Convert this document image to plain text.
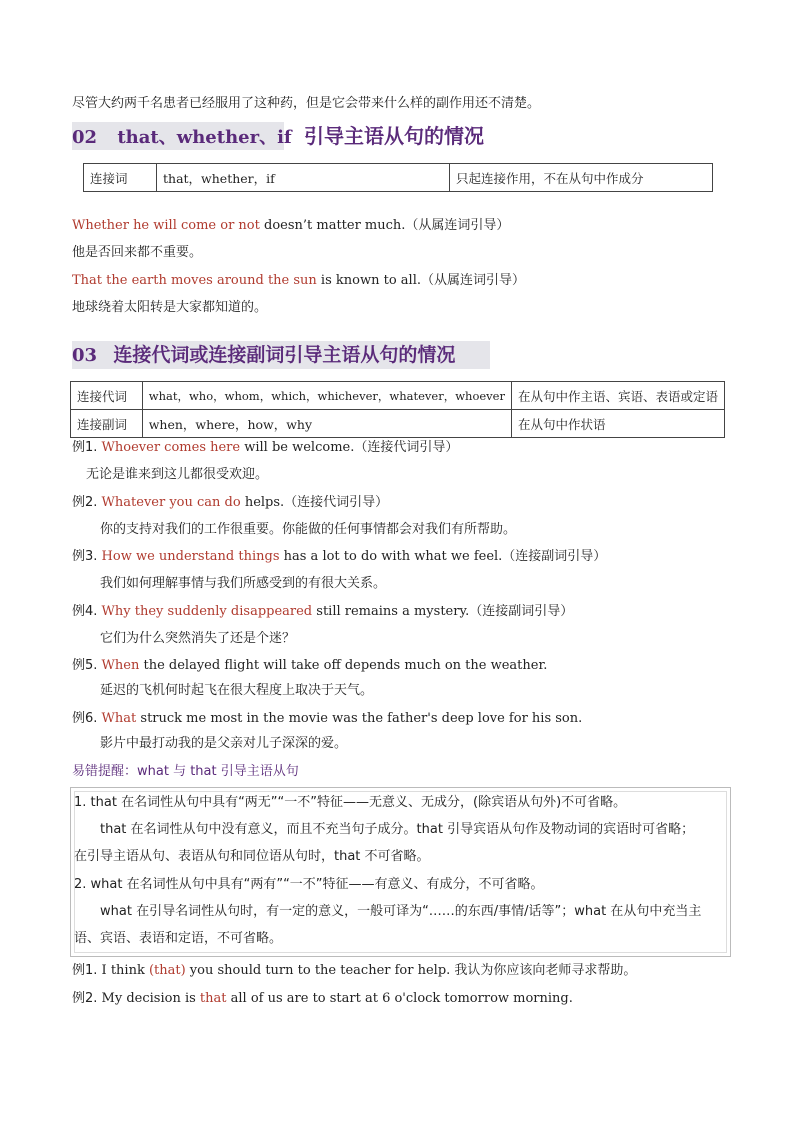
尽管大约两千名患者已经服用了这种药，但是它会带来什么样的副作用还不清楚。
02 that、whether、if 引导主语从句的情况
连接词	that，whether，if	只起连接作用，不在从句中作成分
Whether he will come or not doesn’t matter much.（从属连词引导）
他是否回来都不重要。
That the earth moves around the sun is known to all.（从属连词引导）
地球绕着太阳转是大家都知道的。
03 连接代词或连接副词引导主语从句的情况
连接代词	what，who，whom，which，whichever，whatever，whoever	在从句中作主语、宾语、表语或定语
连接副词	when，where，how，why	在从句中作状语
例1. Whoever comes here will be welcome.（连接代词引导）
无论是谁来到这儿都很受欢迎。
例2. Whatever you can do helps.（连接代词引导）
你的支持对我们的工作很重要。你能做的任何事情都会对我们有所帮助。
例3. How we understand things has a lot to do with what we feel.（连接副词引导）
我们如何理解事情与我们所感受到的有很大关系。
例4. Why they suddenly disappeared still remains a mystery.（连接副词引导）
它们为什么突然消失了还是个迷？
例5. When the delayed flight will take off depends much on the weather.
延迟的飞机何时起飞在很大程度上取决于天气。
例6. What struck me most in the movie was the father's deep love for his son.
影片中最打动我的是父亲对儿子深深的爱。
易错提醒：what 与 that 引导主语从句
1. that 在名词性从句中具有“两无”“一不”特征——无意义、无成分，(除宾语从句外)不可省略。
that 在名词性从句中没有意义，而且不充当句子成分。that 引导宾语从句作及物动词的宾语时可省略；
在引导主语从句、表语从句和同位语从句时，that 不可省略。
2. what 在名词性从句中具有“两有”“一不”特征——有意义、有成分，不可省略。
what 在引导名词性从句时，有一定的意义，一般可译为“……的东西/事情/话等”；what 在从句中充当主
语、宾语、表语和定语，不可省略。
例1. I think (that) you should turn to the teacher for help. 我认为你应该向老师寻求帮助。
例2. My decision is that all of us are to start at 6 o'clock tomorrow morning.
